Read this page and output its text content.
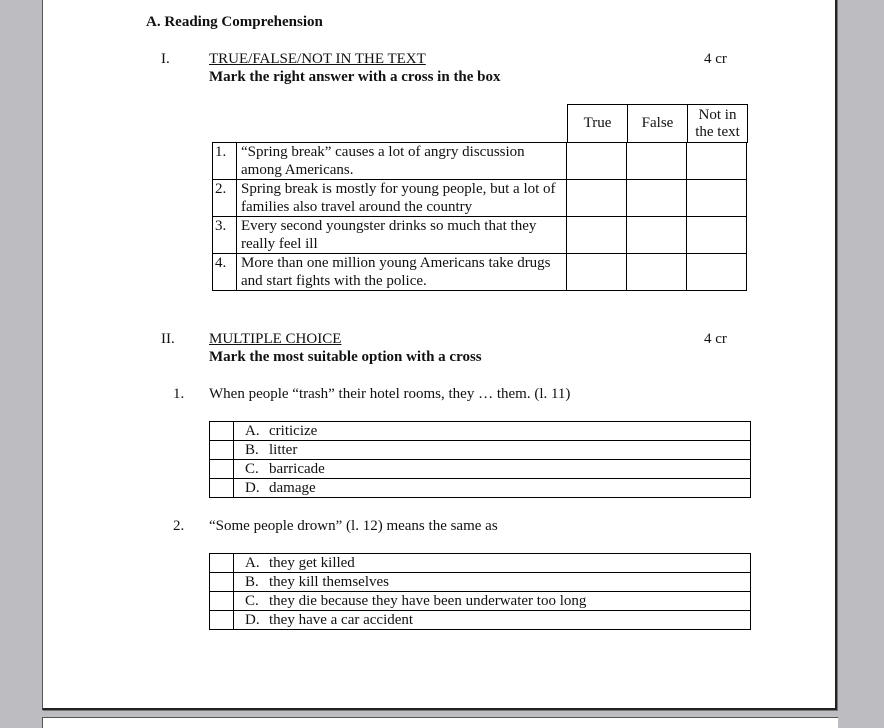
A. Reading Comprehension
I.	TRUE/FALSE/NOT IN THE TEXT	4 cr
Mark the right answer with a cross in the box
True	False	Not in the text
1.	“Spring break” causes a lot of angry discussion among Americans.			
2.	Spring break is mostly for young people, but a lot of families also travel around the country			
3.	Every second youngster drinks so much that they really feel ill			
4.	More than one million young Americans take drugs and start fights with the police.			
II. MULTIPLE CHOICE	4 cr
Mark the most suitable option with a cross
1. When people “trash” their hotel rooms, they … them. (l. 11)
	A. criticize
	B. litter
	C. barricade
	D. damage
2. “Some people drown” (l. 12) means the same as
	A. they get killed
	B. they kill themselves
	C. they die because they have been underwater too long
	D. they have a car accident
